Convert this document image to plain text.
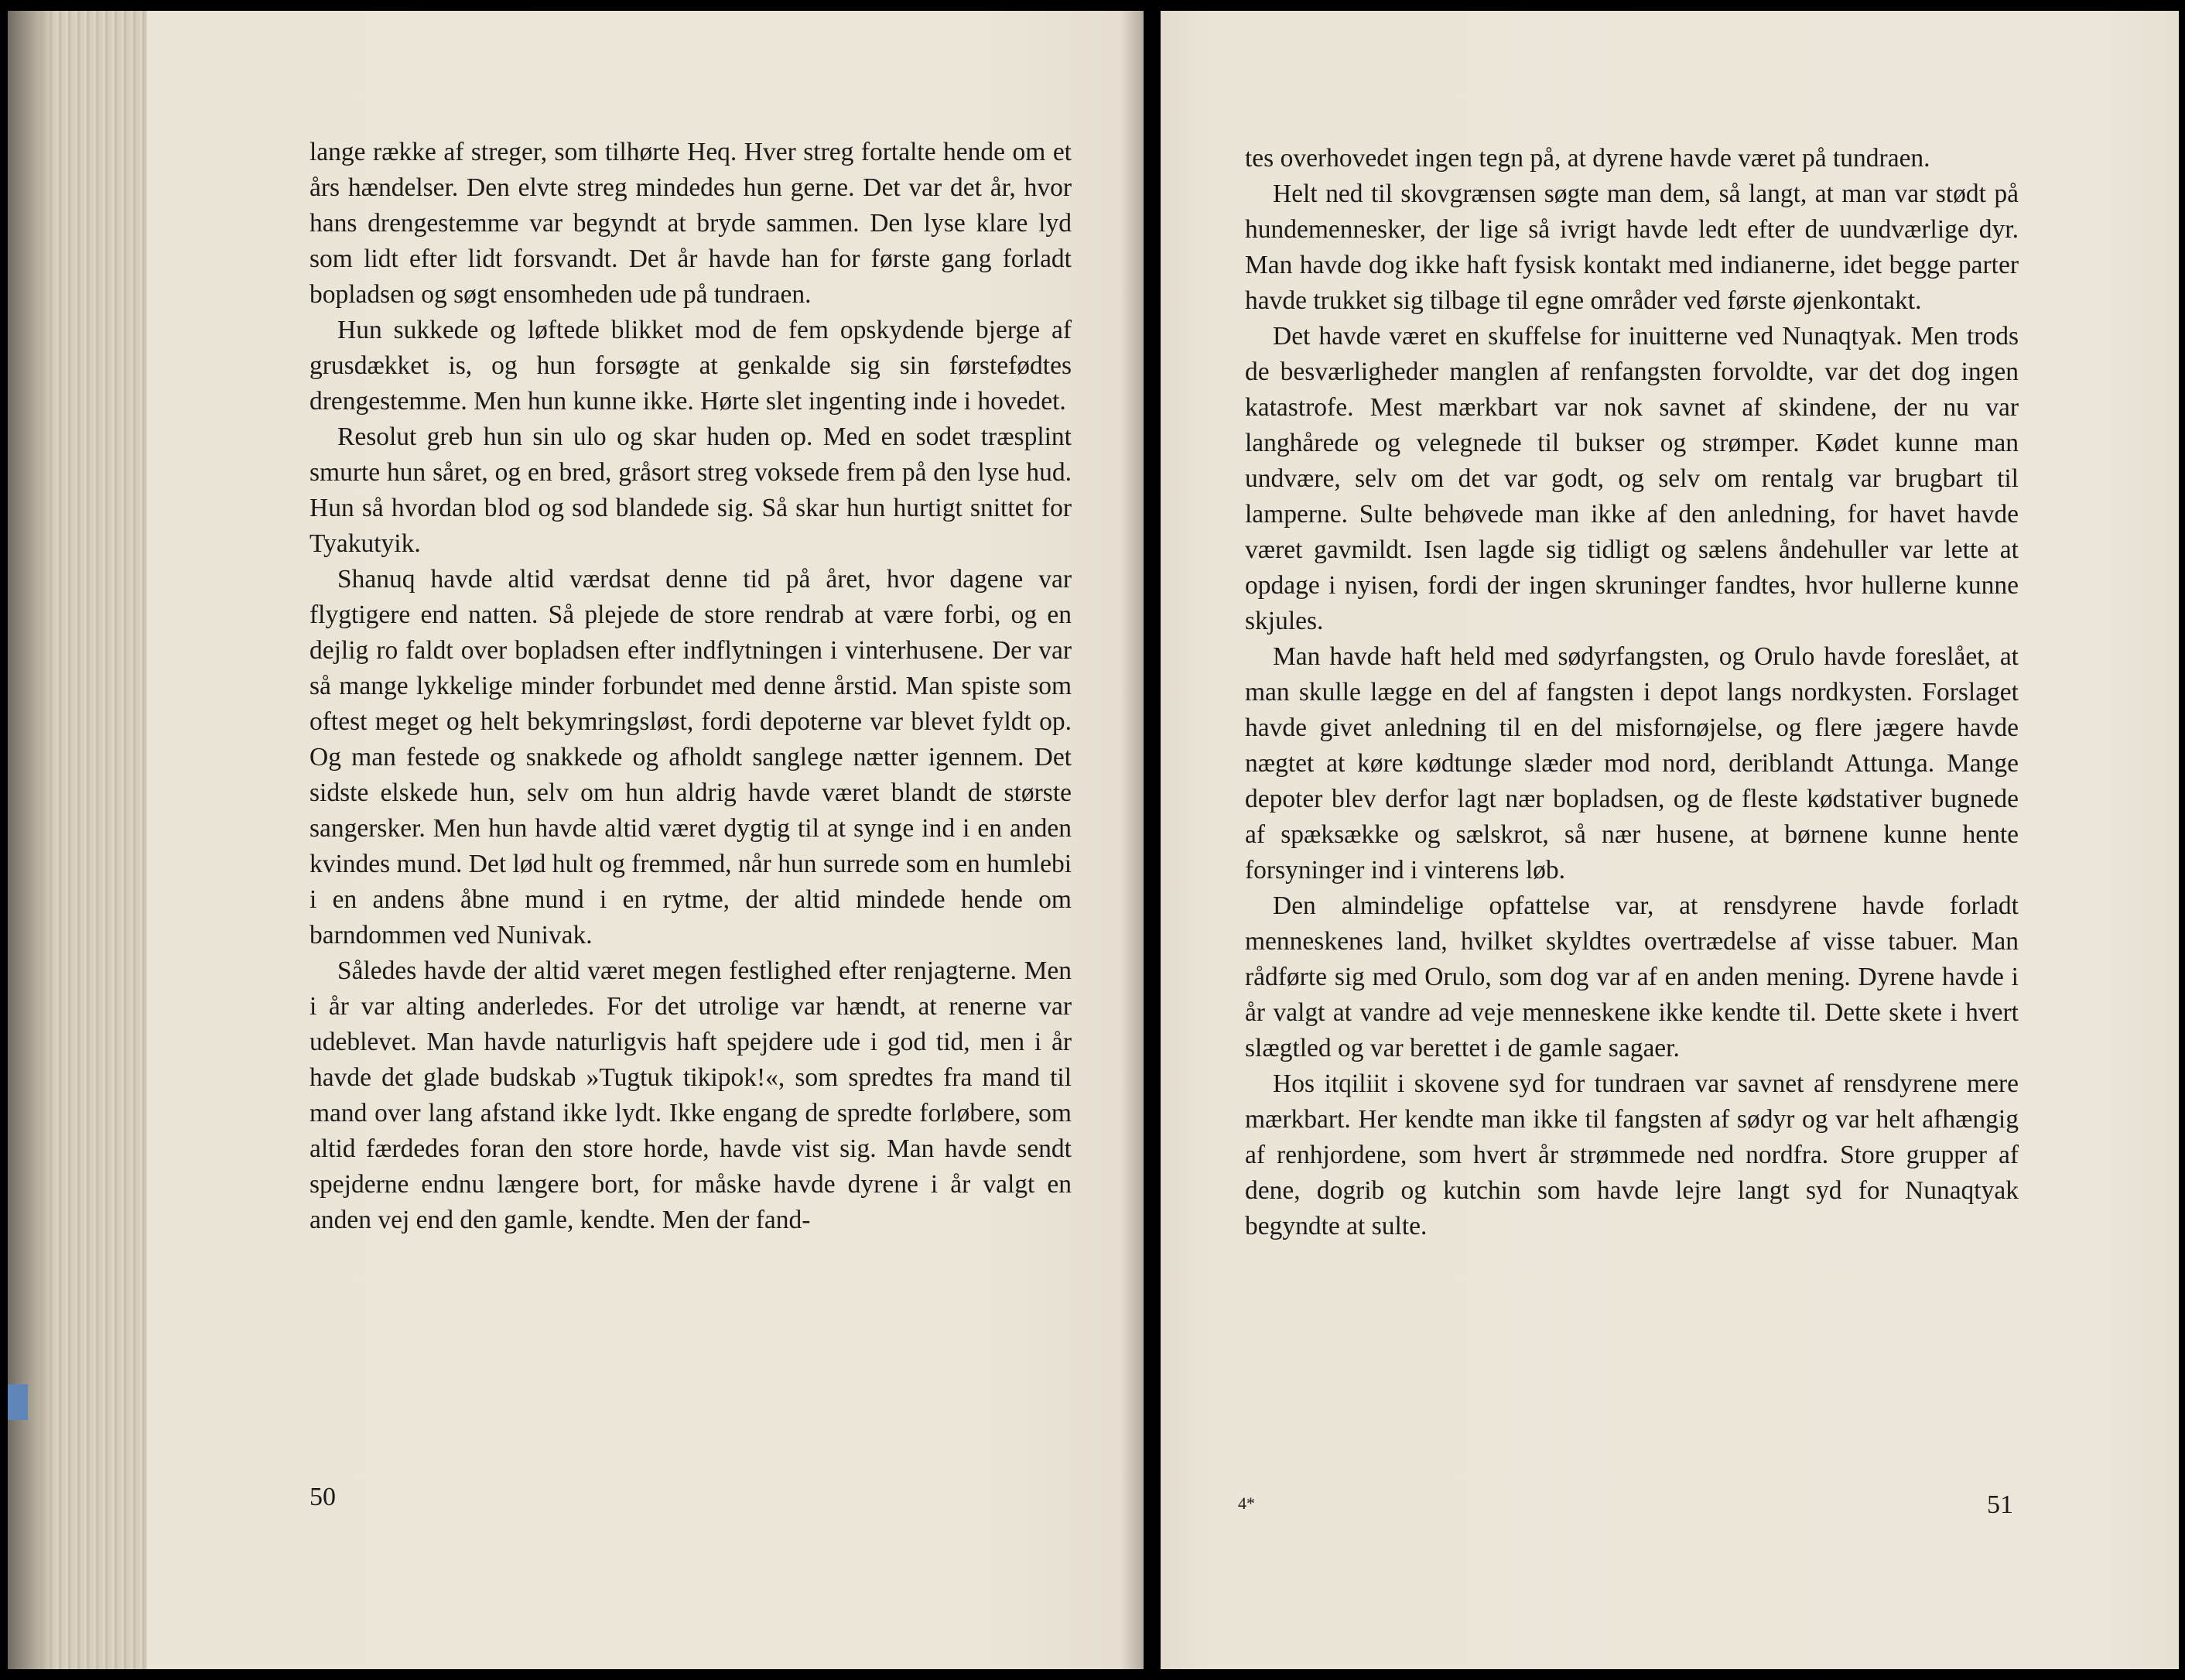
lange række af streger, som tilhørte Heq. Hver streg fortalte hende om et års hændelser. Den elvte streg mindedes hun gerne. Det var det år, hvor hans drengestemme var begyndt at bryde sammen. Den lyse klare lyd som lidt efter lidt forsvandt. Det år havde han for første gang forladt bopladsen og søgt ensomheden ude på tundraen.

Hun sukkede og løftede blikket mod de fem opskydende bjerge af grusdækket is, og hun forsøgte at genkalde sig sin førstefødtes drengestemme. Men hun kunne ikke. Hørte slet ingenting inde i hovedet.

Resolut greb hun sin ulo og skar huden op. Med en sodet træsplint smurte hun såret, og en bred, gråsort streg voksede frem på den lyse hud. Hun så hvordan blod og sod blandede sig. Så skar hun hurtigt snittet for Tyakutyik.

Shanuq havde altid værdsat denne tid på året, hvor dagene var flygtigere end natten. Så plejede de store rendrab at være forbi, og en dejlig ro faldt over bopladsen efter indflytningen i vinterhusene. Der var så mange lykkelige minder forbundet med denne årstid. Man spiste som oftest meget og helt bekymringsløst, fordi depoterne var blevet fyldt op. Og man festede og snakkede og afholdt sanglege nætter igennem. Det sidste elskede hun, selv om hun aldrig havde været blandt de største sangersker. Men hun havde altid været dygtig til at synge ind i en anden kvindes mund. Det lød hult og fremmed, når hun surrede som en humlebi i en andens åbne mund i en rytme, der altid mindede hende om barndommen ved Nunivak.

Således havde der altid været megen festlighed efter renjagterne. Men i år var alting anderledes. For det utrolige var hændt, at renerne var udeblevet. Man havde naturligvis haft spejdere ude i god tid, men i år havde det glade budskab »Tugtuk tikipok!«, som spredtes fra mand til mand over lang afstand ikke lydt. Ikke engang de spredte forløbere, som altid færdedes foran den store horde, havde vist sig. Man havde sendt spejderne endnu længere bort, for måske havde dyrene i år valgt en anden vej end den gamle, kendte. Men der fand-

50

tes overhovedet ingen tegn på, at dyrene havde været på tundraen.

Helt ned til skovgrænsen søgte man dem, så langt, at man var stødt på hundemennesker, der lige så ivrigt havde ledt efter de uundværlige dyr. Man havde dog ikke haft fysisk kontakt med indianerne, idet begge parter havde trukket sig tilbage til egne områder ved første øjenkontakt.

Det havde været en skuffelse for inuitterne ved Nunaqtyak. Men trods de besværligheder manglen af renfangsten forvoldte, var det dog ingen katastrofe. Mest mærkbart var nok savnet af skindene, der nu var langhårede og velegnede til bukser og strømper. Kødet kunne man undvære, selv om det var godt, og selv om rentalg var brugbart til lamperne. Sulte behøvede man ikke af den anledning, for havet havde været gavmildt. Isen lagde sig tidligt og sælens åndehuller var lette at opdage i nyisen, fordi der ingen skruninger fandtes, hvor hullerne kunne skjules.

Man havde haft held med sødyrfangsten, og Orulo havde foreslået, at man skulle lægge en del af fangsten i depot langs nordkysten. Forslaget havde givet anledning til en del misfornøjelse, og flere jægere havde nægtet at køre kødtunge slæder mod nord, deriblandt Attunga. Mange depoter blev derfor lagt nær bopladsen, og de fleste kødstativer bugnede af spæksække og sælskrot, så nær husene, at børnene kunne hente forsyninger ind i vinterens løb.

Den almindelige opfattelse var, at rensdyrene havde forladt menneskenes land, hvilket skyldtes overtrædelse af visse tabuer. Man rådførte sig med Orulo, som dog var af en anden mening. Dyrene havde i år valgt at vandre ad veje menneskene ikke kendte til. Dette skete i hvert slægtled og var berettet i de gamle sagaer.

Hos itqiliit i skovene syd for tundraen var savnet af rensdyrene mere mærkbart. Her kendte man ikke til fangsten af sødyr og var helt afhængig af renhjordene, som hvert år strømmede ned nordfra. Store grupper af dene, dogrib og kutchin som havde lejre langt syd for Nunaqtyak begyndte at sulte.

4*	51
